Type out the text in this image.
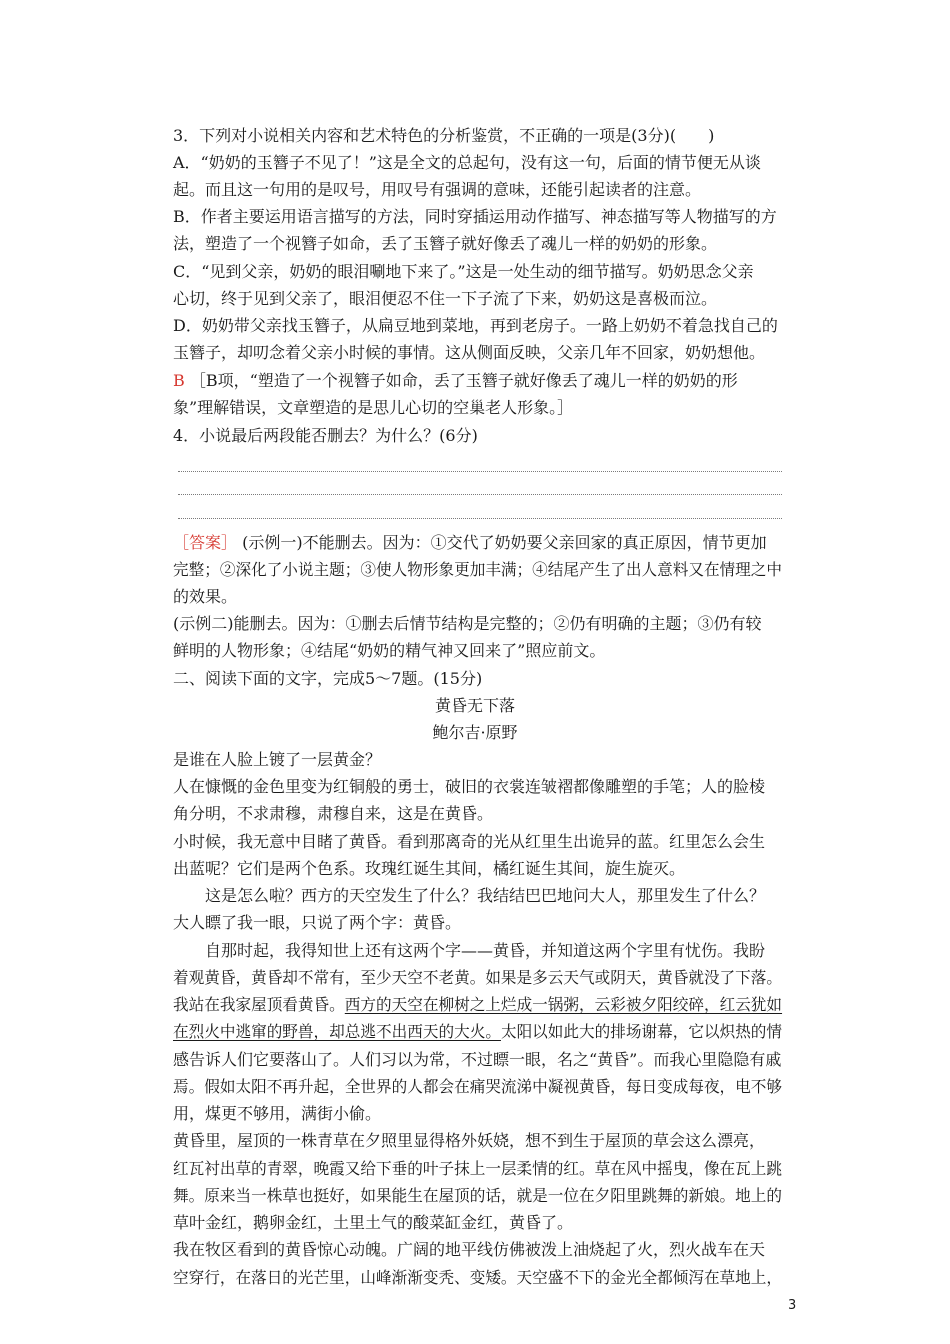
3．下列对小说相关内容和艺术特色的分析鉴赏，不正确的一项是(3分)(　　)
A．“奶奶的玉簪子不见了！”这是全文的总起句，没有这一句，后面的情节便无从谈
起。而且这一句用的是叹号，用叹号有强调的意味，还能引起读者的注意。
B．作者主要运用语言描写的方法，同时穿插运用动作描写、神态描写等人物描写的方
法，塑造了一个视簪子如命，丢了玉簪子就好像丢了魂儿一样的奶奶的形象。
C．“见到父亲，奶奶的眼泪唰地下来了。”这是一处生动的细节描写。奶奶思念父亲
心切，终于见到父亲了，眼泪便忍不住一下子流了下来，奶奶这是喜极而泣。
D．奶奶带父亲找玉簪子，从扁豆地到菜地，再到老房子。一路上奶奶不着急找自己的
玉簪子，却叨念着父亲小时候的事情。这从侧面反映，父亲几年不回家，奶奶想他。
B ［B项，“塑造了一个视簪子如命，丢了玉簪子就好像丢了魂儿一样的奶奶的形
象”理解错误，文章塑造的是思儿心切的空巢老人形象。］
4．小说最后两段能否删去？为什么？(6分)
［答案］ (示例一)不能删去。因为：①交代了奶奶要父亲回家的真正原因，情节更加
完整；②深化了小说主题；③使人物形象更加丰满；④结尾产生了出人意料又在情理之中
的效果。
(示例二)能删去。因为：①删去后情节结构是完整的；②仍有明确的主题；③仍有较
鲜明的人物形象；④结尾“奶奶的精气神又回来了”照应前文。
二、阅读下面的文字，完成5～7题。(15分)
黄昏无下落
鲍尔吉·原野
是谁在人脸上镀了一层黄金？
人在慷慨的金色里变为红铜般的勇士，破旧的衣裳连皱褶都像雕塑的手笔；人的脸棱
角分明，不求肃穆，肃穆自来，这是在黄昏。
小时候，我无意中目睹了黄昏。看到那离奇的光从红里生出诡异的蓝。红里怎么会生
出蓝呢？它们是两个色系。玫瑰红诞生其间，橘红诞生其间，旋生旋灭。
这是怎么啦？西方的天空发生了什么？我结结巴巴地问大人，那里发生了什么？
大人瞟了我一眼，只说了两个字：黄昏。
自那时起，我得知世上还有这两个字——黄昏，并知道这两个字里有忧伤。我盼
着观黄昏，黄昏却不常有，至少天空不老黄。如果是多云天气或阴天，黄昏就没了下落。
我站在我家屋顶看黄昏。西方的天空在柳树之上烂成一锅粥，云彩被夕阳绞碎，红云犹如
在烈火中逃窜的野兽，却总逃不出西天的大火。太阳以如此大的排场谢幕，它以炽热的情
感告诉人们它要落山了。人们习以为常，不过瞟一眼，名之“黄昏”。而我心里隐隐有戚
焉。假如太阳不再升起，全世界的人都会在痛哭流涕中凝视黄昏，每日变成每夜，电不够
用，煤更不够用，满街小偷。
黄昏里，屋顶的一株青草在夕照里显得格外妖娆，想不到生于屋顶的草会这么漂亮，
红瓦衬出草的青翠，晚霞又给下垂的叶子抹上一层柔情的红。草在风中摇曳，像在瓦上跳
舞。原来当一株草也挺好，如果能生在屋顶的话，就是一位在夕阳里跳舞的新娘。地上的
草叶金红，鹅卵金红，土里土气的酸菜缸金红，黄昏了。
我在牧区看到的黄昏惊心动魄。广阔的地平线仿佛被泼上油烧起了火，烈火战车在天
空穿行，在落日的光芒里，山峰渐渐变秃、变矮。天空盛不下的金光全都倾泻在草地上，
3
